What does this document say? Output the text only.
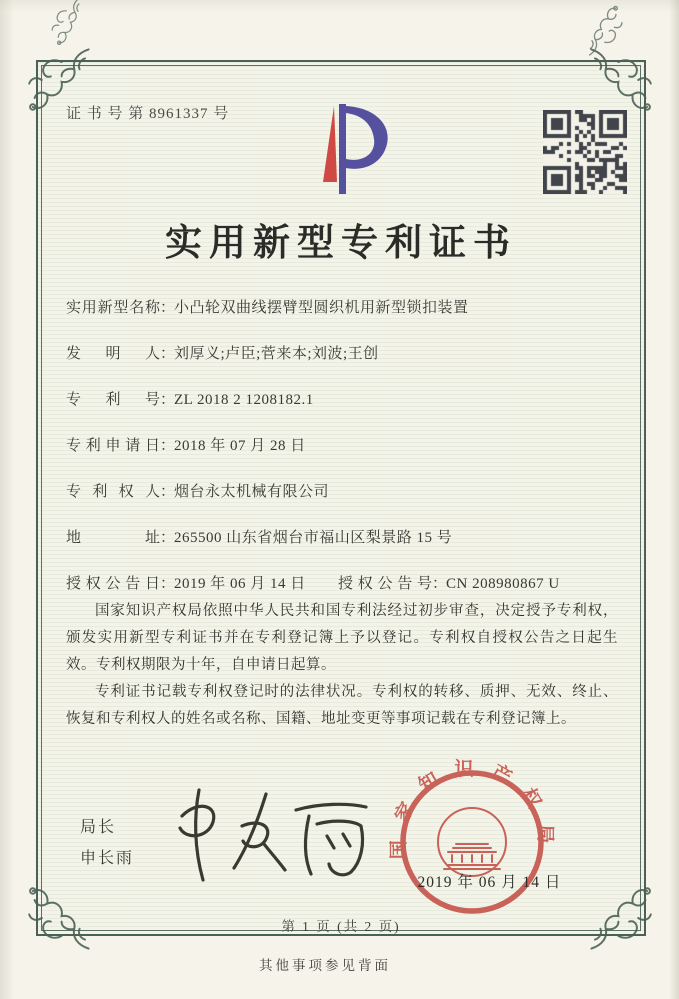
证 书 号 第 8961337 号
实用新型专利证书
实用新型名称 ：
小凸轮双曲线摆臂型圆织机用新型锁扣装置
发明人 ：
刘厚义;卢臣;菅来本;刘波;王创
专利号 ：
ZL 2018 2 1208182.1
专利申请日 ：
2018 年 07 月 28 日
专利权人 ：
烟台永太机械有限公司
地址 ：
265500 山东省烟台市福山区梨景路 15 号
授权公告日 ：
2019 年 06 月 14 日 授权公告号：CN 208980867 U

国家知识产权局依照中华人民共和国专利法经过初步审查，决定授予专利权，颁发实用新型专利证书并在专利登记簿上予以登记。专利权自授权公告之日起生效。专利权期限为十年，自申请日起算。

专利证书记载专利权登记时的法律状况。专利权的转移、质押、无效、终止、恢复和专利权人的姓名或名称、国籍、地址变更等事项记载在专利登记簿上。

局长
申长雨	国家知识产权局
2019 年 06 月 14 日
第 1 页 (共 2 页)
其他事项参见背面
